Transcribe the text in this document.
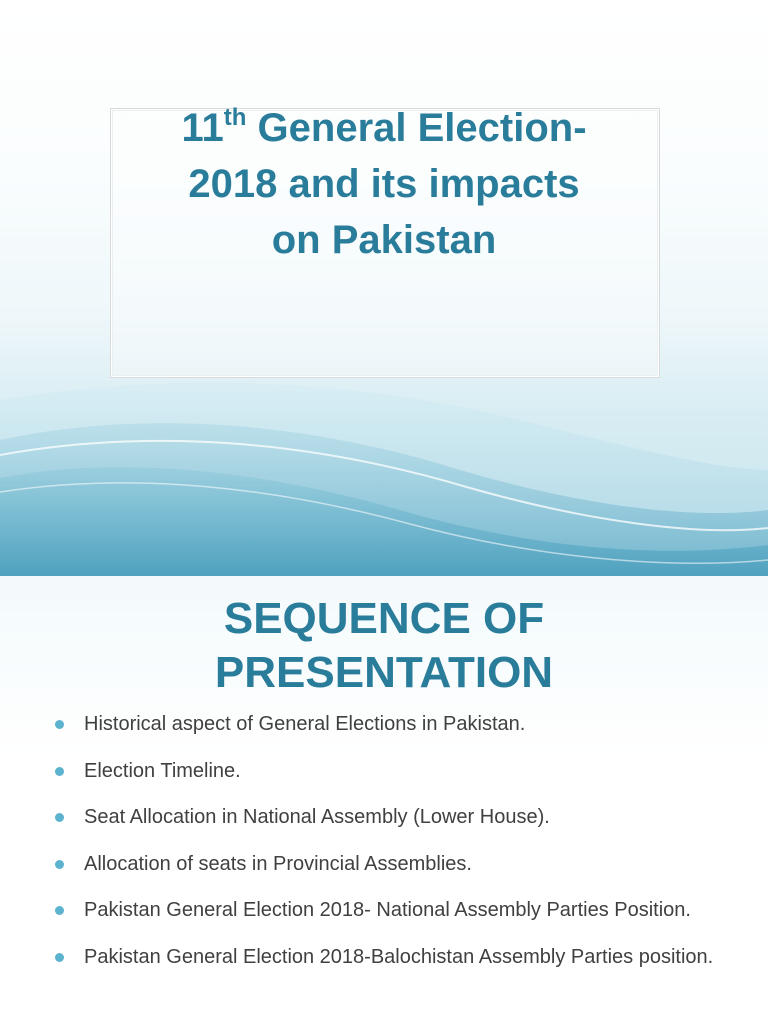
11th General Election-
2018 and its impacts
on Pakistan
SEQUENCE OF
PRESENTATION
Historical aspect of General Elections in Pakistan.
Election Timeline.
Seat Allocation in National Assembly (Lower House).
Allocation of seats in Provincial Assemblies.
Pakistan General Election 2018- National Assembly Parties Position.
Pakistan General Election 2018-Balochistan Assembly Parties position.
